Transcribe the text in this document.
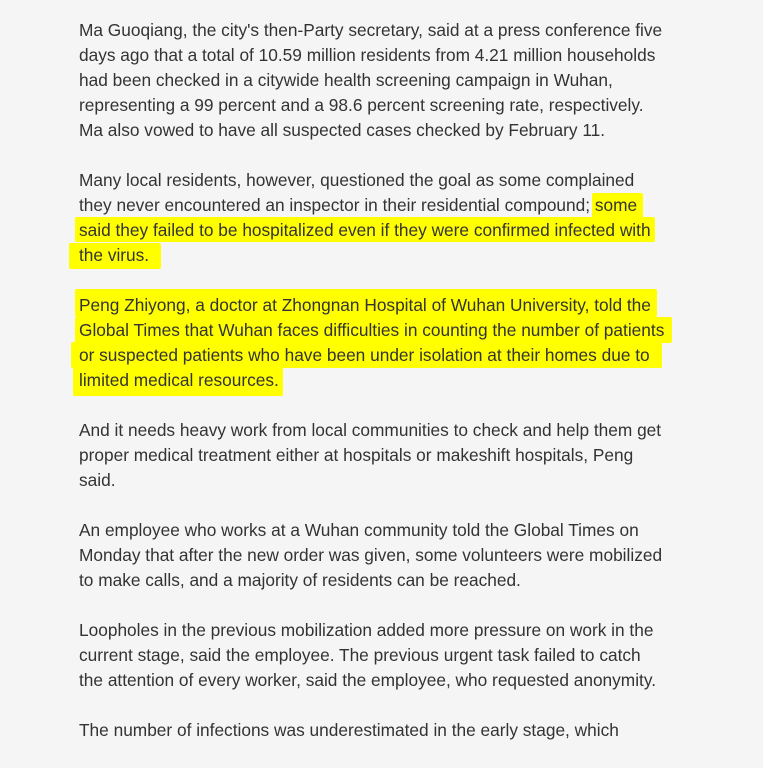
Ma Guoqiang, the city's then-Party secretary, said at a press conference five
days ago that a total of 10.59 million residents from 4.21 million households
had been checked in a citywide health screening campaign in Wuhan,
representing a 99 percent and a 98.6 percent screening rate, respectively.
Ma also vowed to have all suspected cases checked by February 11.
Many local residents, however, questioned the goal as some complained
they never encountered an inspector in their residential compound;
some
said they failed to be hospitalized even if they were confirmed infected with
the virus.
Peng Zhiyong, a doctor at Zhongnan Hospital of Wuhan University, told the
Global Times that Wuhan faces difficulties in counting the number of patients
or suspected patients who have been under isolation at their homes due to
limited medical resources.
And it needs heavy work from local communities to check and help them get
proper medical treatment either at hospitals or makeshift hospitals, Peng
said.
An employee who works at a Wuhan community told the Global Times on
Monday that after the new order was given, some volunteers were mobilized
to make calls, and a majority of residents can be reached.
Loopholes in the previous mobilization added more pressure on work in the
current stage, said the employee. The previous urgent task failed to catch
the attention of every worker, said the employee, who requested anonymity.
The number of infections was underestimated in the early stage, which
